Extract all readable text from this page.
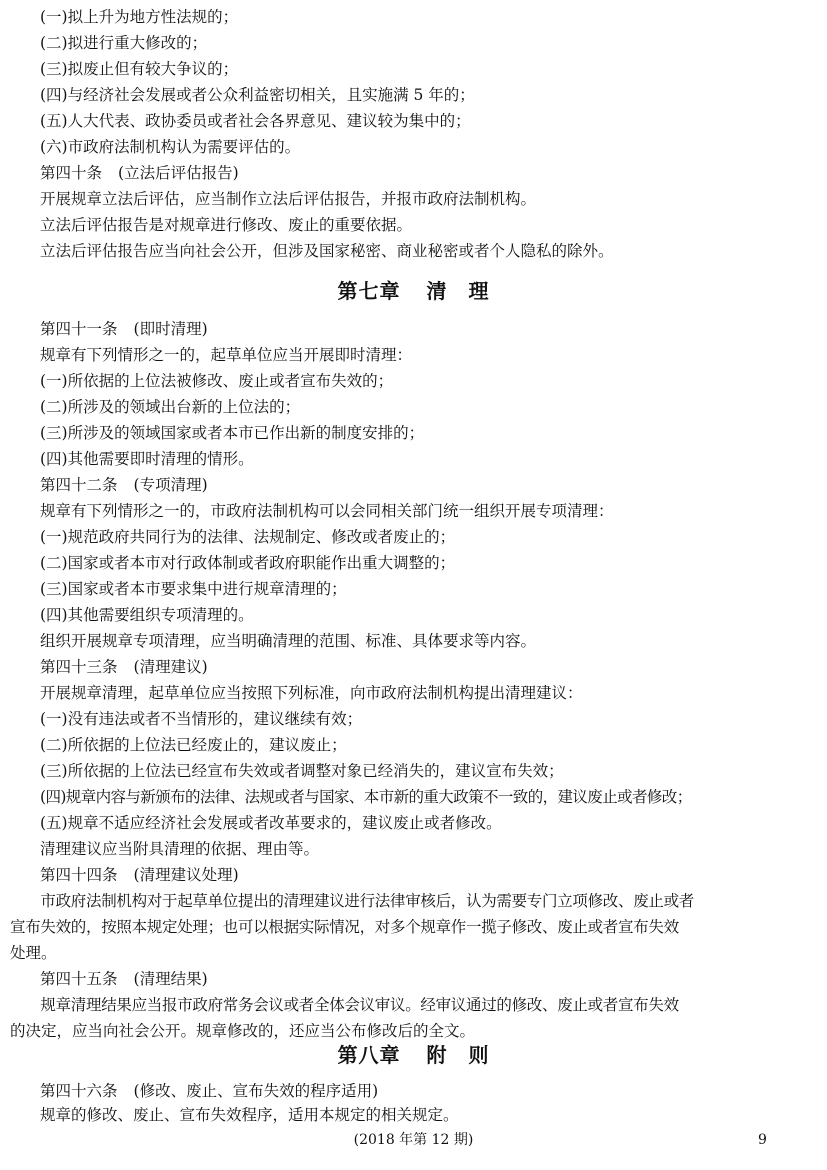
(一)拟上升为地方性法规的；
(二)拟进行重大修改的；
(三)拟废止但有较大争议的；
(四)与经济社会发展或者公众利益密切相关，且实施满 5 年的；
(五)人大代表、政协委员或者社会各界意见、建议较为集中的；
(六)市政府法制机构认为需要评估的。
第四十条 (立法后评估报告)
开展规章立法后评估，应当制作立法后评估报告，并报市政府法制机构。
立法后评估报告是对规章进行修改、废止的重要依据。
立法后评估报告应当向社会公开，但涉及国家秘密、商业秘密或者个人隐私的除外。
第七章 清　理
第四十一条 (即时清理)
规章有下列情形之一的，起草单位应当开展即时清理：
(一)所依据的上位法被修改、废止或者宣布失效的；
(二)所涉及的领域出台新的上位法的；
(三)所涉及的领域国家或者本市已作出新的制度安排的；
(四)其他需要即时清理的情形。
第四十二条 (专项清理)
规章有下列情形之一的，市政府法制机构可以会同相关部门统一组织开展专项清理：
(一)规范政府共同行为的法律、法规制定、修改或者废止的；
(二)国家或者本市对行政体制或者政府职能作出重大调整的；
(三)国家或者本市要求集中进行规章清理的；
(四)其他需要组织专项清理的。
组织开展规章专项清理，应当明确清理的范围、标准、具体要求等内容。
第四十三条 (清理建议)
开展规章清理，起草单位应当按照下列标准，向市政府法制机构提出清理建议：
(一)没有违法或者不当情形的，建议继续有效；
(二)所依据的上位法已经废止的，建议废止；
(三)所依据的上位法已经宣布失效或者调整对象已经消失的，建议宣布失效；
(四)规章内容与新颁布的法律、法规或者与国家、本市新的重大政策不一致的，建议废止或者修改；
(五)规章不适应经济社会发展或者改革要求的，建议废止或者修改。
清理建议应当附具清理的依据、理由等。
第四十四条 (清理建议处理)
　　市政府法制机构对于起草单位提出的清理建议进行法律审核后，认为需要专门立项修改、废止或者
宣布失效的，按照本规定处理；也可以根据实际情况，对多个规章作一揽子修改、废止或者宣布失效
处理。
第四十五条 (清理结果)
　　规章清理结果应当报市政府常务会议或者全体会议审议。经审议通过的修改、废止或者宣布失效
的决定，应当向社会公开。规章修改的，还应当公布修改后的全文。
第八章 附　则
第四十六条 (修改、废止、宣布失效的程序适用)
规章的修改、废止、宣布失效程序，适用本规定的相关规定。
(2018 年第 12 期)	9
